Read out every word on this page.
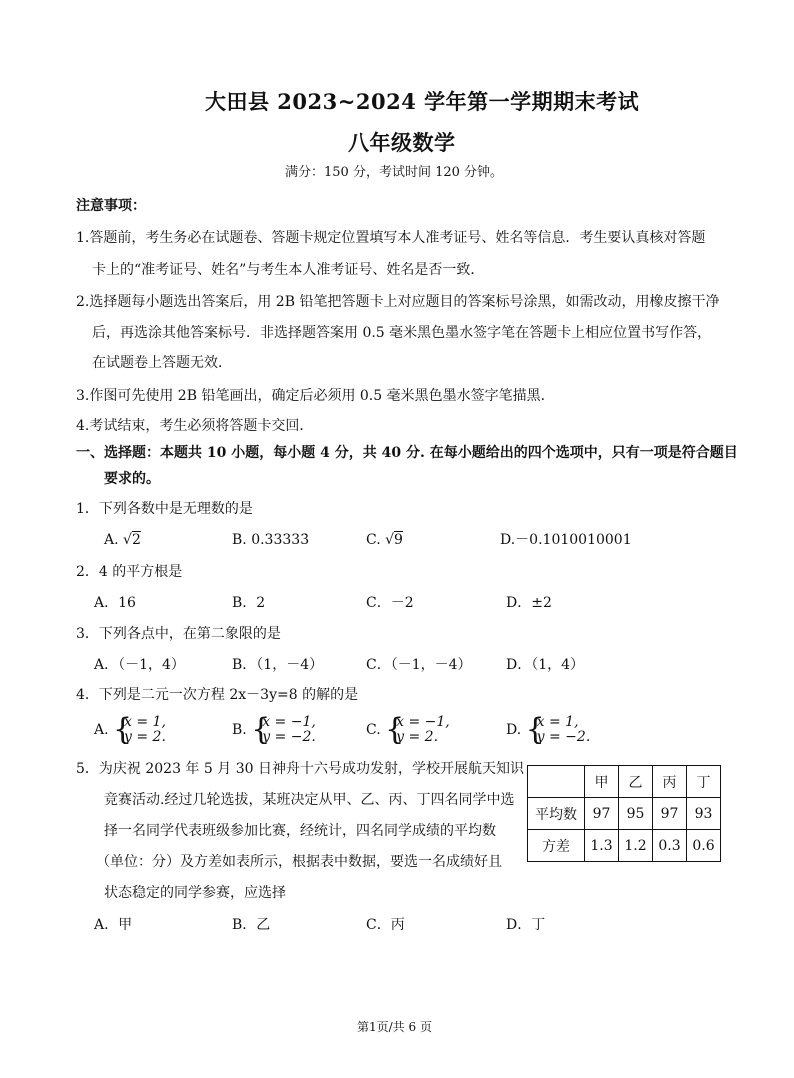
大田县 2023~2024 学年第一学期期末考试
八年级数学
满分：150 分，考试时间 120 分钟。
注意事项：
1.答题前，考生务必在试题卷、答题卡规定位置填写本人准考证号、姓名等信息．考生要认真核对答题
卡上的“准考证号、姓名”与考生本人准考证号、姓名是否一致．
2.选择题每小题选出答案后，用 2B 铅笔把答题卡上对应题目的答案标号涂黑，如需改动，用橡皮擦干净
后，再选涂其他答案标号．非选择题答案用 0.5 毫米黑色墨水签字笔在答题卡上相应位置书写作答，
在试题卷上答题无效．
3.作图可先使用 2B 铅笔画出，确定后必须用 0.5 毫米黑色墨水签字笔描黑．
4.考试结束，考生必须将答题卡交回．
一、选择题：本题共 10 小题，每小题 4 分，共 40 分. 在每小题给出的四个选项中，只有一项是符合题目
要求的。
1．下列各数中是无理数的是
A. √2	B. 0.33333̇	C. √9	D.－0.1010010001
2．4 的平方根是
A．16	B．2	C．－2	D．±2
3．下列各点中，在第二象限的是
A．（－1，4）	B．（1，－4）	C．（－1，－4） D．（1，4）
4．下列是二元一次方程 2x－3y=8 的解的是
A. {
x = 1,
y = 2.	B. {
x = −1,
y = −2.	C. {
x = −1,
y = 2.	D. {
x = 1,
y = −2.
5．为庆祝 2023 年 5 月 30 日神舟十六号成功发射，学校开展航天知识
竞赛活动.经过几轮选拔，某班决定从甲、乙、丙、丁四名同学中选
择一名同学代表班级参加比赛，经统计，四名同学成绩的平均数
（单位：分）及方差如表所示，根据表中数据，要选一名成绩好且
状态稳定的同学参赛，应选择
	甲	乙	丙	丁
平均数	97	95	97	93
方差	1.3	1.2	0.3	0.6
A．甲	B．乙	C．丙	D．丁
第1页/共 6 页
